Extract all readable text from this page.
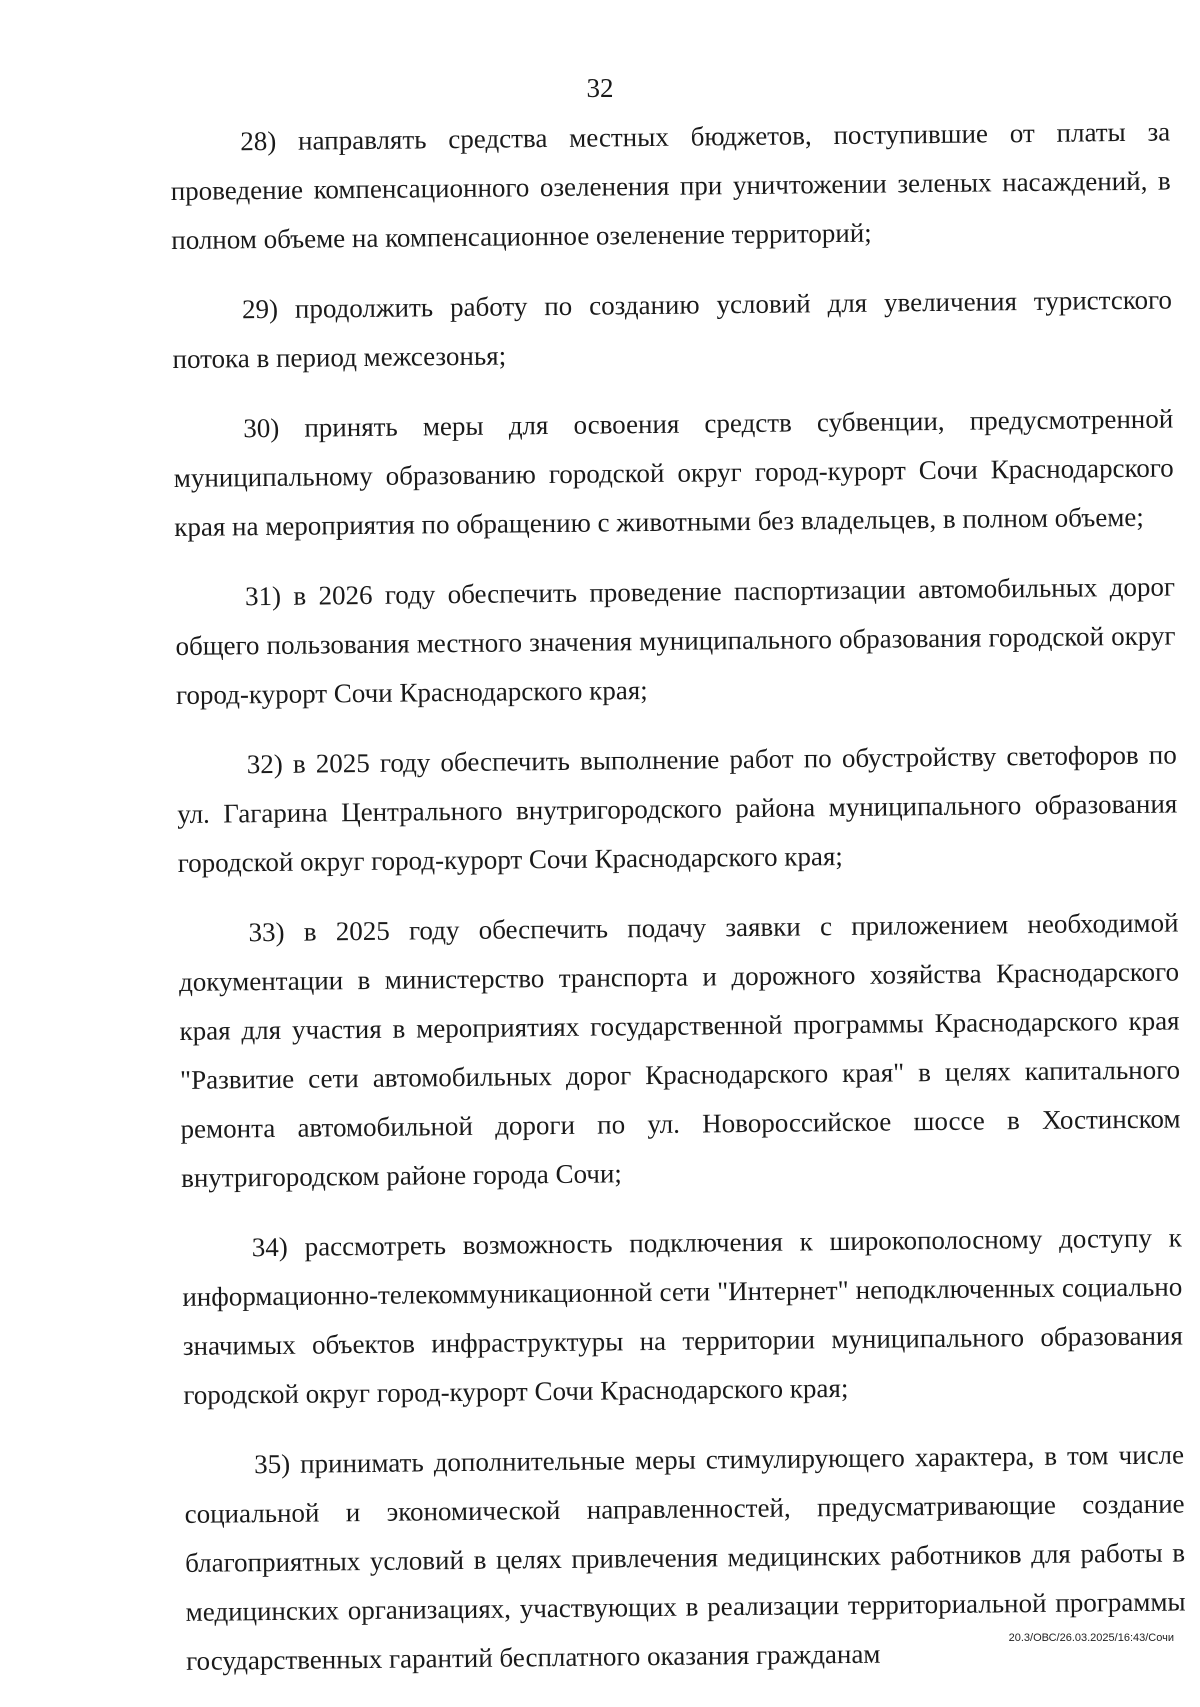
32

28) направлять средства местных бюджетов, поступившие от платы за проведение компенсационного озеленения при уничтожении зеленых насаждений, в полном объеме на компенсационное озеленение территорий;

29) продолжить работу по созданию условий для увеличения туристского потока в период межсезонья;

30) принять меры для освоения средств субвенции, предусмотренной муниципальному образованию городской округ город-курорт Сочи Краснодарского края на мероприятия по обращению с животными без владельцев, в полном объеме;

31) в 2026 году обеспечить проведение паспортизации автомобильных дорог общего пользования местного значения муниципального образования городской округ город-курорт Сочи Краснодарского края;

32) в 2025 году обеспечить выполнение работ по обустройству светофоров по ул. Гагарина Центрального внутригородского района муниципального образования городской округ город-курорт Сочи Краснодарского края;

33) в 2025 году обеспечить подачу заявки с приложением необходимой документации в министерство транспорта и дорожного хозяйства Краснодарского края для участия в мероприятиях государственной программы Краснодарского края "Развитие сети автомобильных дорог Краснодарского края" в целях капитального ремонта автомобильной дороги по ул. Новороссийское шоссе в Хостинском внутригородском районе города Сочи;

34) рассмотреть возможность подключения к широкополосному доступу к информационно-телекоммуникационной сети "Интернет" неподключенных социально значимых объектов инфраструктуры на территории муниципального образования городской округ город-курорт Сочи Краснодарского края;

35) принимать дополнительные меры стимулирующего характера, в том числе социальной и экономической направленностей, предусматривающие создание благоприятных условий в целях привлечения медицинских работников для работы в медицинских организациях, участвующих в реализации территориальной программы государственных гарантий бесплатного оказания гражданам

20.3/ОВС/26.03.2025/16:43/Сочи
